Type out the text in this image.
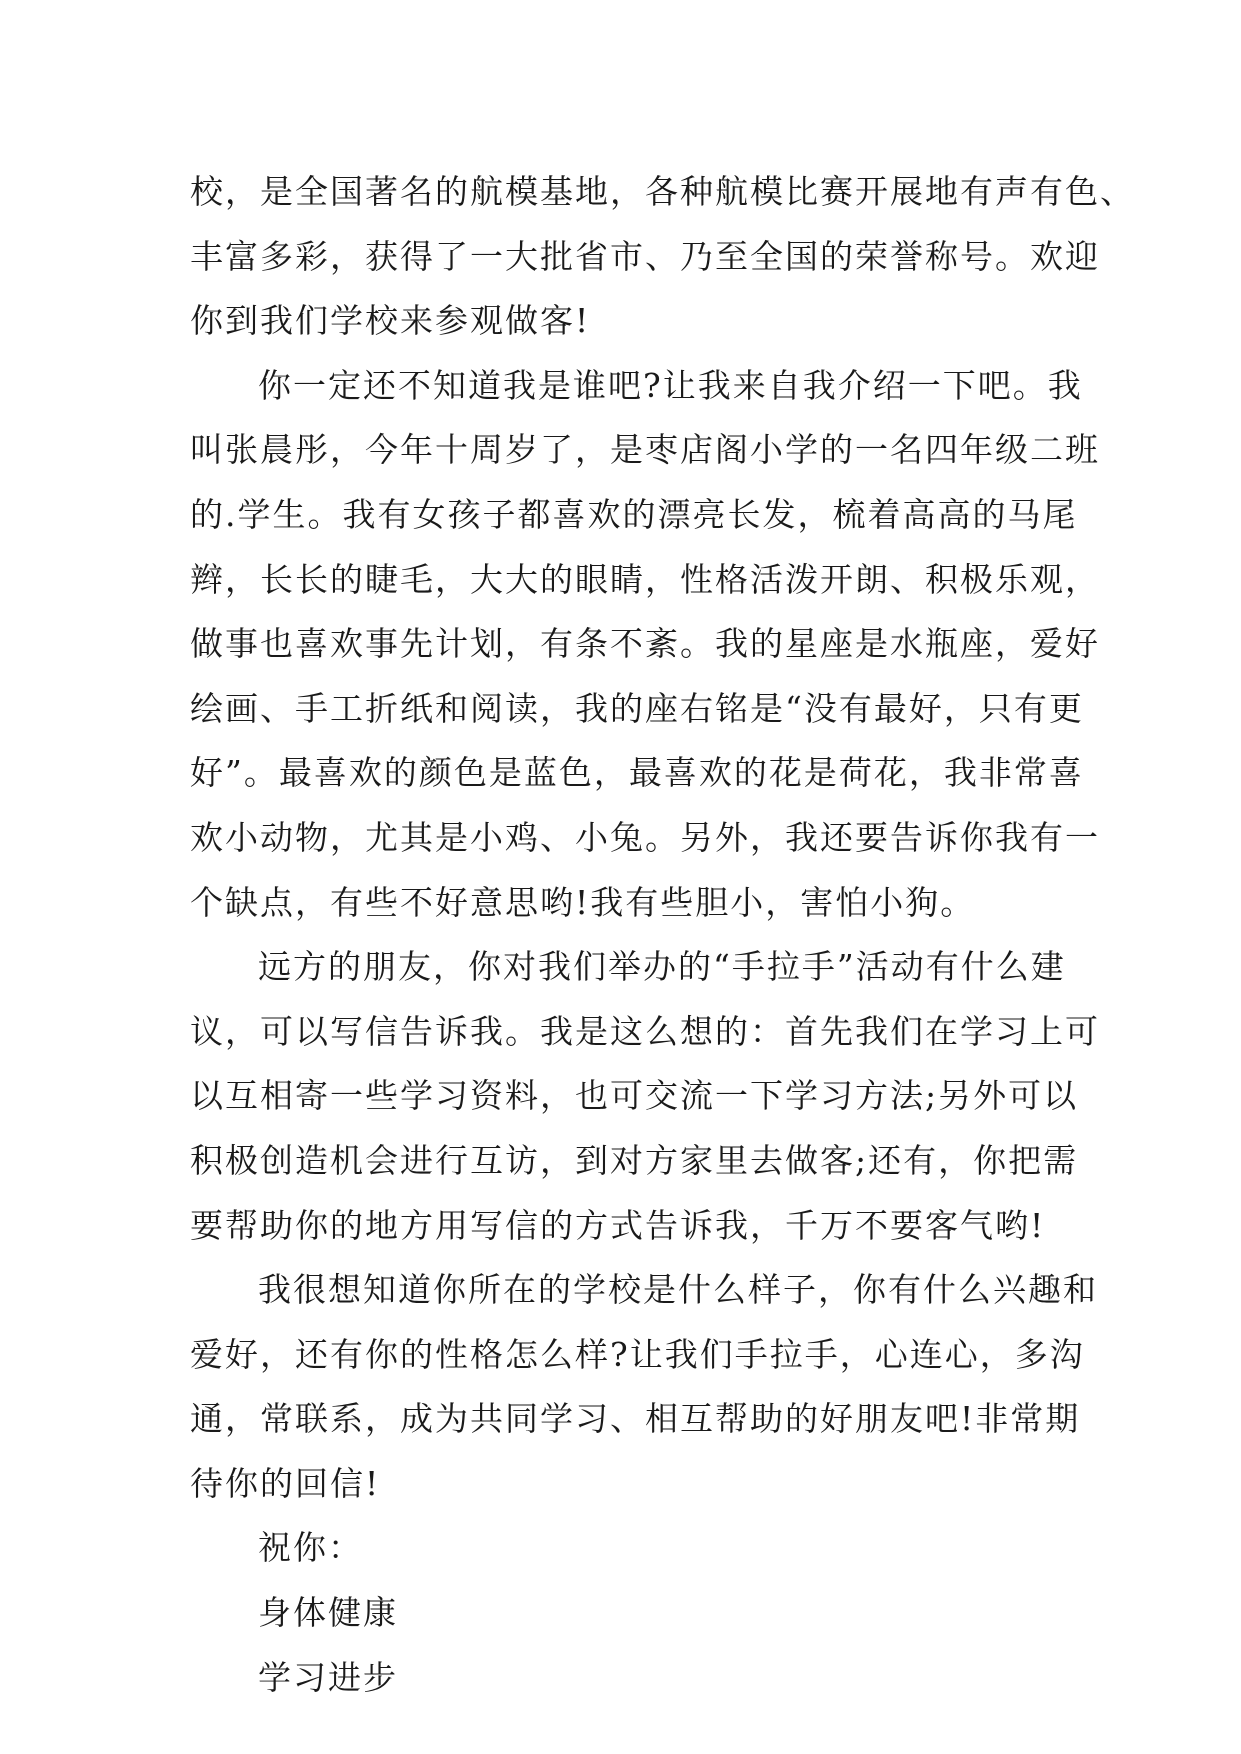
校，是全国著名的航模基地，各种航模比赛开展地有声有色、
丰富多彩，获得了一大批省市、乃至全国的荣誉称号。欢迎
你到我们学校来参观做客!
你一定还不知道我是谁吧?让我来自我介绍一下吧。我
叫张晨彤，今年十周岁了，是枣店阁小学的一名四年级二班
的.学生。我有女孩子都喜欢的漂亮长发，梳着高高的马尾
辫，长长的睫毛，大大的眼睛，性格活泼开朗、积极乐观，
做事也喜欢事先计划，有条不紊。我的星座是水瓶座，爱好
绘画、手工折纸和阅读，我的座右铭是“没有最好，只有更
好”。最喜欢的颜色是蓝色，最喜欢的花是荷花，我非常喜
欢小动物，尤其是小鸡、小兔。另外，我还要告诉你我有一
个缺点，有些不好意思哟!我有些胆小，害怕小狗。
远方的朋友，你对我们举办的“手拉手”活动有什么建
议，可以写信告诉我。我是这么想的：首先我们在学习上可
以互相寄一些学习资料，也可交流一下学习方法;另外可以
积极创造机会进行互访，到对方家里去做客;还有，你把需
要帮助你的地方用写信的方式告诉我，千万不要客气哟!
我很想知道你所在的学校是什么样子，你有什么兴趣和
爱好，还有你的性格怎么样?让我们手拉手，心连心，多沟
通，常联系，成为共同学习、相互帮助的好朋友吧!非常期
待你的回信!
祝你：
身体健康
学习进步
